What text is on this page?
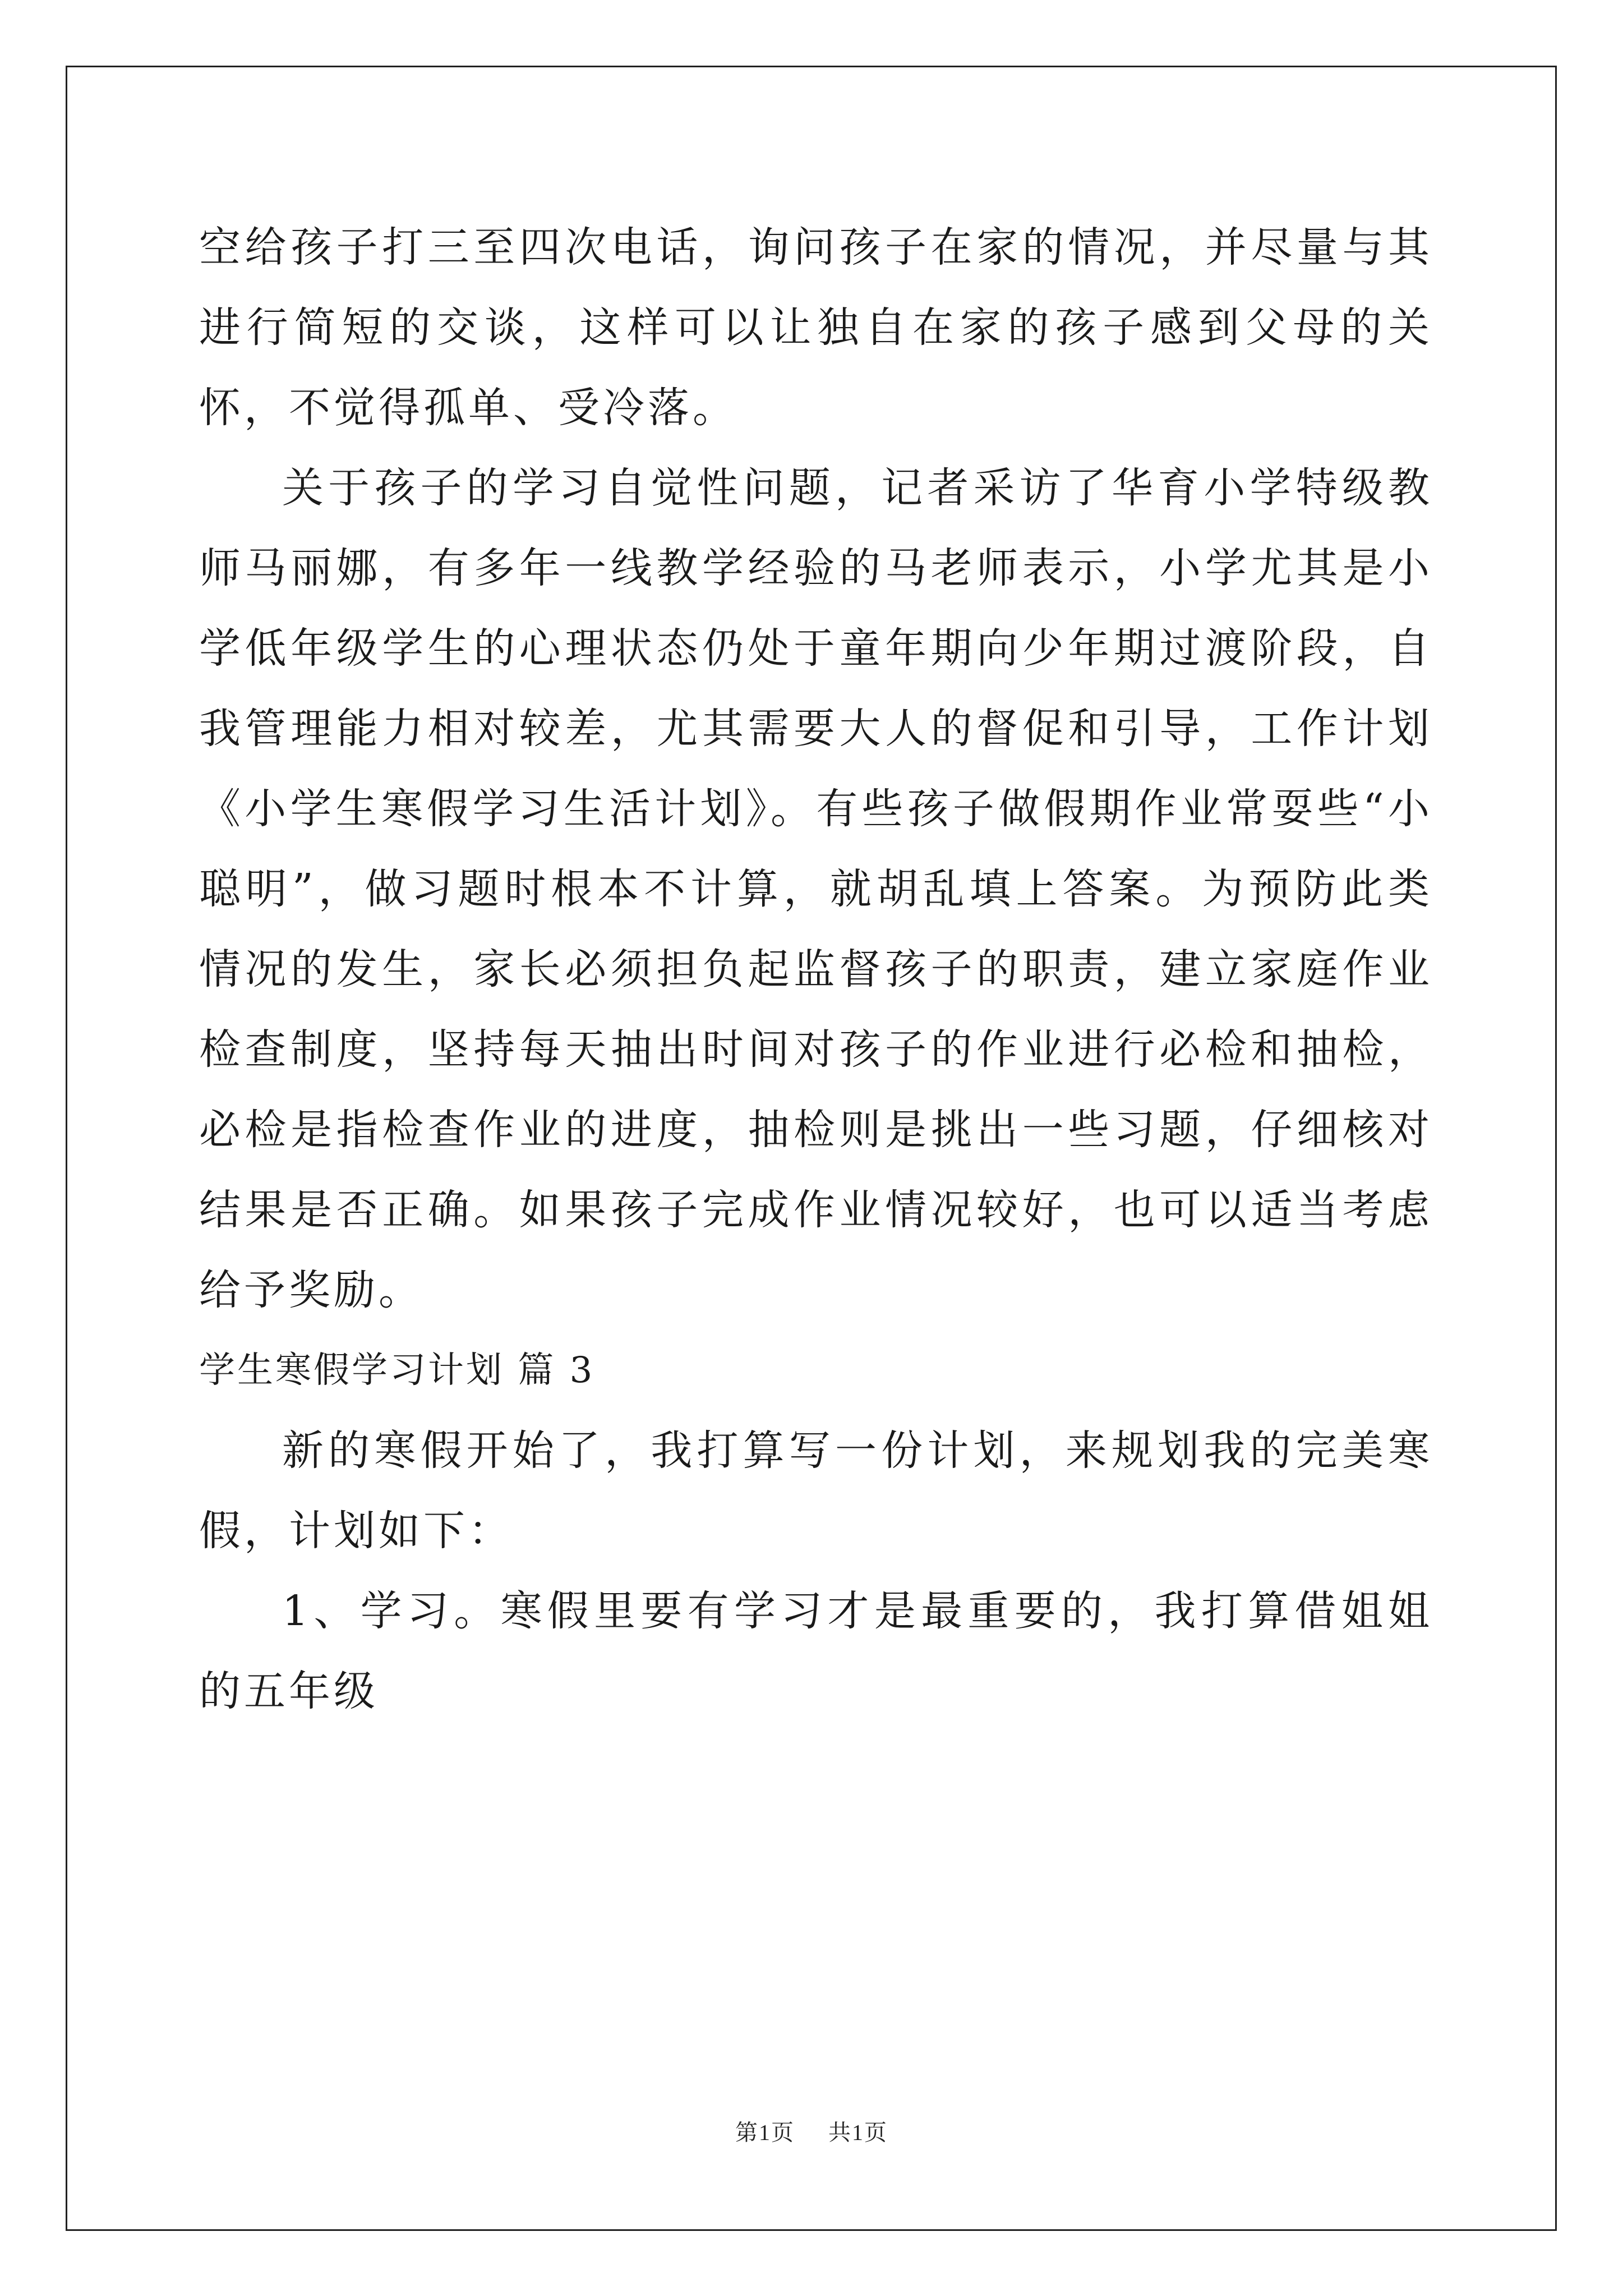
空给孩子打三至四次电话，询问孩子在家的情况，并尽量与其进行简短的交谈，这样可以让独自在家的孩子感到父母的关怀，不觉得孤单、受冷落。

关于孩子的学习自觉性问题，记者采访了华育小学特级教师马丽娜，有多年一线教学经验的马老师表示，小学尤其是小学低年级学生的心理状态仍处于童年期向少年期过渡阶段，自我管理能力相对较差，尤其需要大人的督促和引导，工作计划《小学生寒假学习生活计划》。有些孩子做假期作业常耍些“小聪明”，做习题时根本不计算，就胡乱填上答案。为预防此类情况的发生，家长必须担负起监督孩子的职责，建立家庭作业检查制度，坚持每天抽出时间对孩子的作业进行必检和抽检，必检是指检查作业的进度，抽检则是挑出一些习题，仔细核对结果是否正确。如果孩子完成作业情况较好，也可以适当考虑给予奖励。

学生寒假学习计划 篇 3

新的寒假开始了，我打算写一份计划，来规划我的完美寒假，计划如下：

1、学习。寒假里要有学习才是最重要的，我打算借姐姐的五年级

第1页 共1页
